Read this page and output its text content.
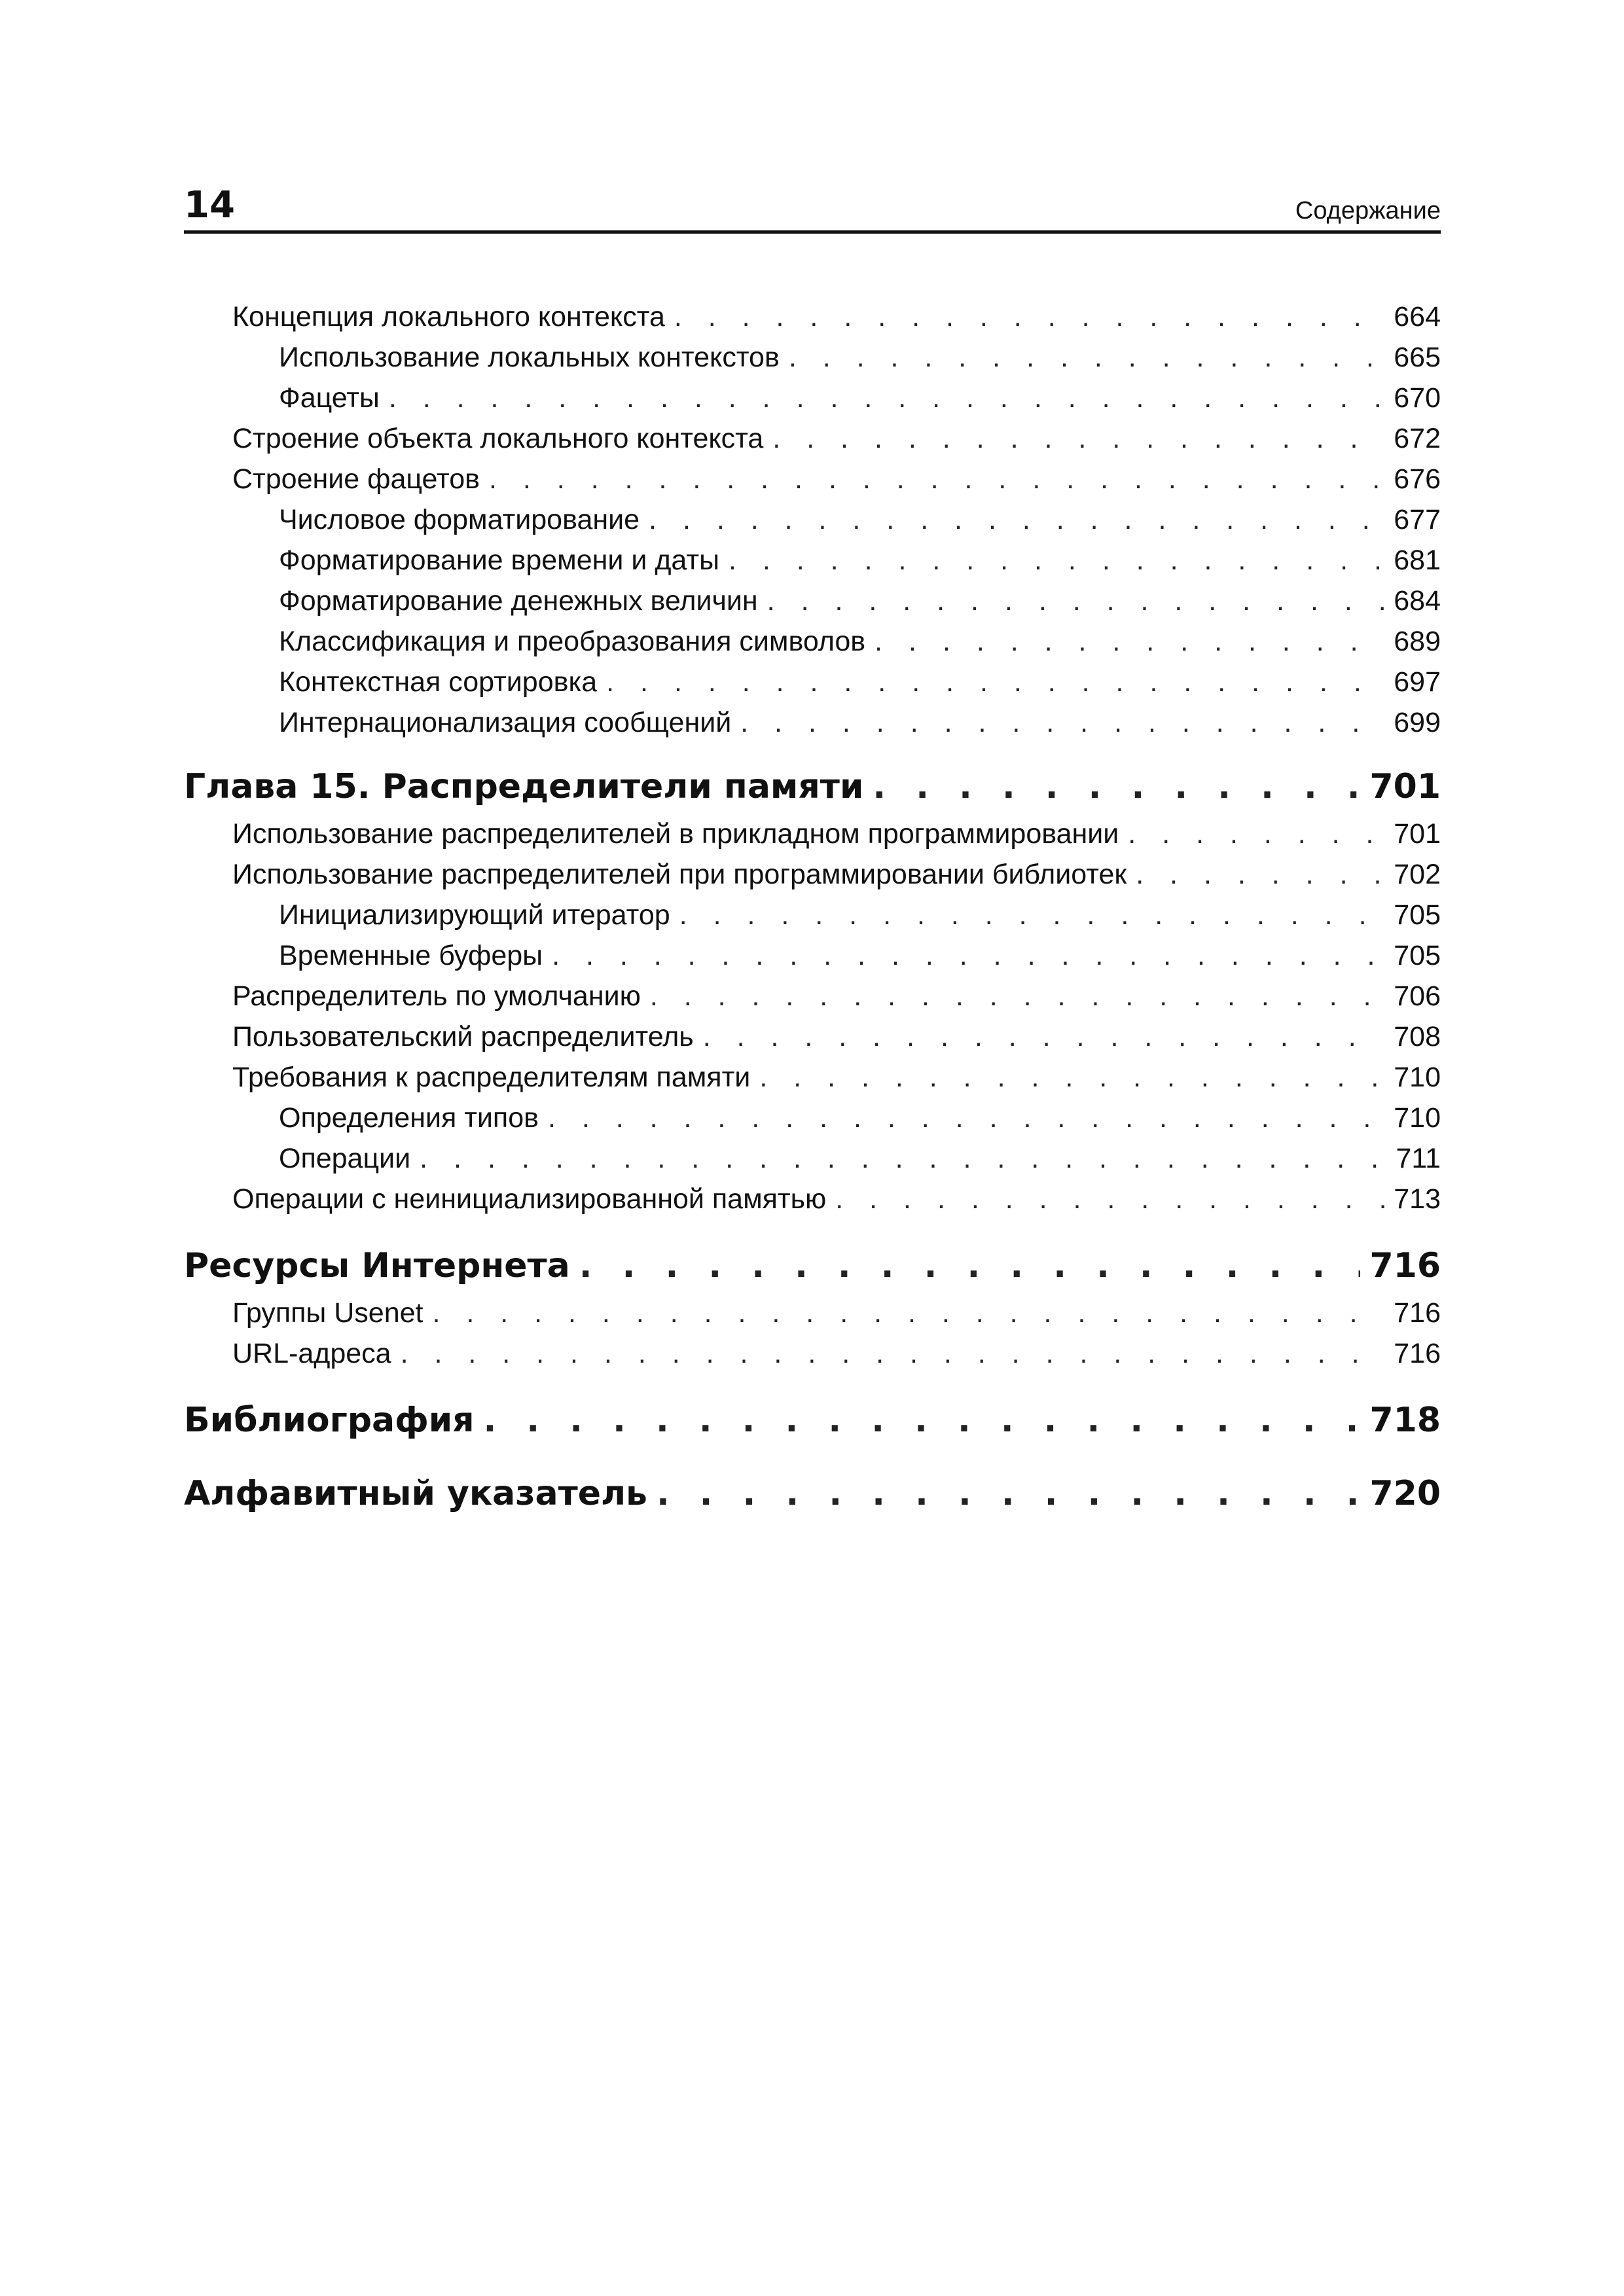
14	Содержание
Концепция локального контекста . . .	664
Использование локальных контекстов . . .	665
Фацеты . . .	670
Строение объекта локального контекста . . .	672
Строение фацетов . . .	676
Числовое форматирование . . .	677
Форматирование времени и даты . . .	681
Форматирование денежных величин . . .	684
Классификация и преобразования символов . . .	689
Контекстная сортировка . . .	697
Интернационализация сообщений . . .	699
Глава 15. Распределители памяти . . .	701
Использование распределителей в прикладном программировании . . .	701
Использование распределителей при программировании библиотек . . .	702
Инициализирующий итератор . . .	705
Временные буферы . . .	705
Распределитель по умолчанию . . .	706
Пользовательский распределитель . . .	708
Требования к распределителям памяти . . .	710
Определения типов . . .	710
Операции . . .	711
Операции с неинициализированной памятью . . .	713
Ресурсы Интернета . . .	716
Группы Usenet . . .	716
URL-адреса . . .	716
Библиография . . .	718
Алфавитный указатель . . .	720
